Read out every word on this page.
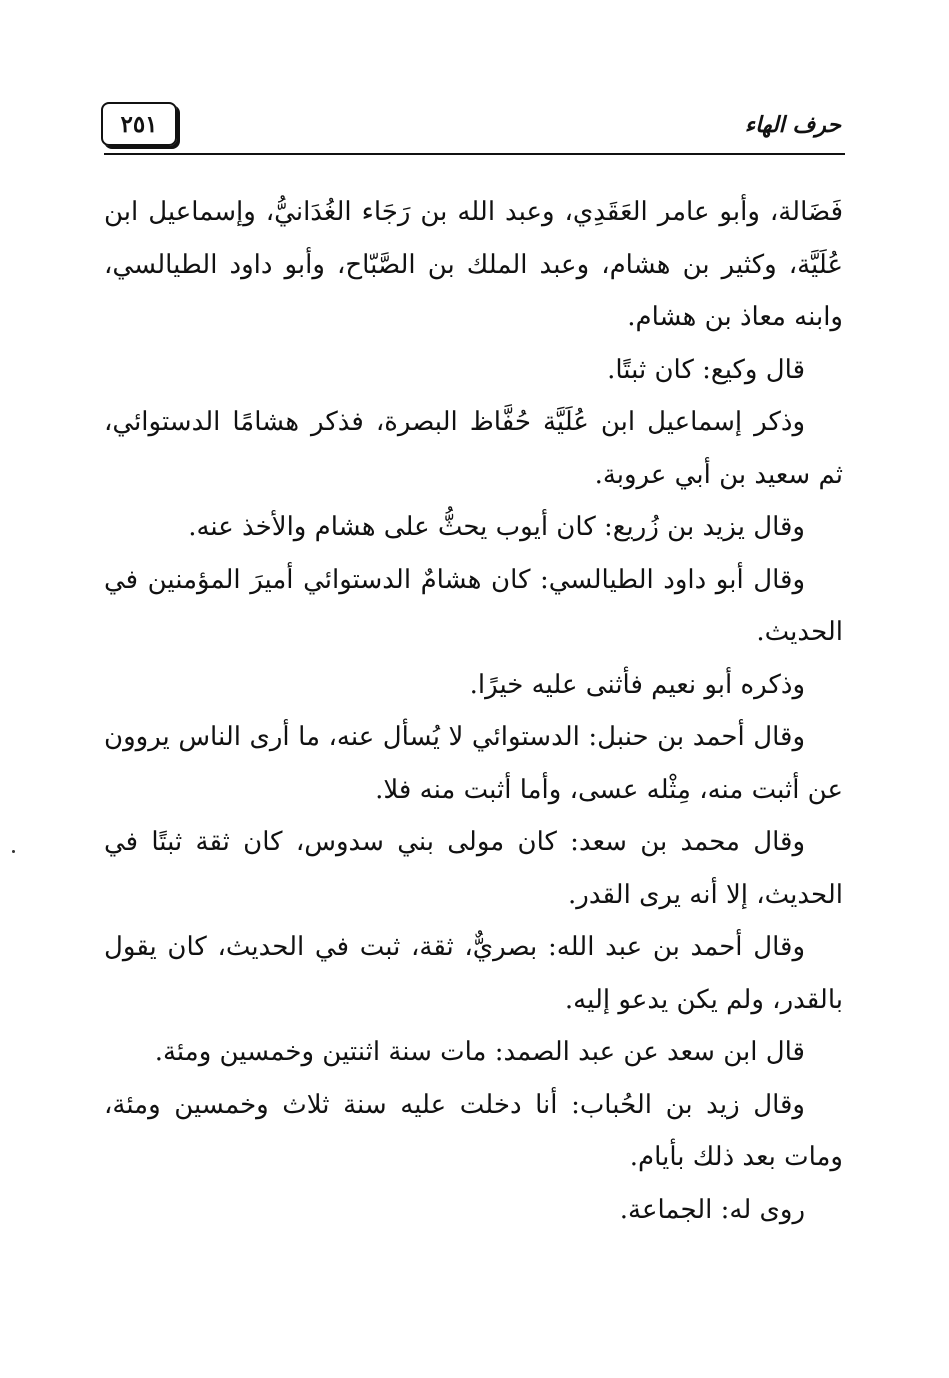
٢٥١	حرف الهاء

فَضَالة، وأبو عامر العَقَدِي، وعبد الله بن رَجَاء الغُدَانيُّ، وإسماعيل ابن عُلَيَّة، وكثير بن هشام، وعبد الملك بن الصَّبّاح، وأبو داود الطيالسي، وابنه معاذ بن هشام.

قال وكيع: كان ثبتًا.

وذكر إسماعيل ابن عُلَيَّة حُفَّاظ البصرة، فذكر هشامًا الدستوائي، ثم سعيد بن أبي عروبة.

وقال يزيد بن زُريع: كان أيوب يحثُّ على هشام والأخذ عنه.

وقال أبو داود الطيالسي: كان هشامٌ الدستوائي أميرَ المؤمنين في الحديث.

وذكره أبو نعيم فأثنى عليه خيرًا.

وقال أحمد بن حنبل: الدستوائي لا يُسأل عنه، ما أرى الناس يروون عن أثبت منه، مِثْله عسى، وأما أثبت منه فلا.

وقال محمد بن سعد: كان مولى بني سدوس، كان ثقة ثبتًا في الحديث، إلا أنه يرى القدر.

وقال أحمد بن عبد الله: بصريٌّ، ثقة، ثبت في الحديث، كان يقول بالقدر، ولم يكن يدعو إليه.

قال ابن سعد عن عبد الصمد: مات سنة اثنتين وخمسين ومئة.

وقال زيد بن الحُباب: أنا دخلت عليه سنة ثلاث وخمسين ومئة، ومات بعد ذلك بأيام.

روى له: الجماعة.
